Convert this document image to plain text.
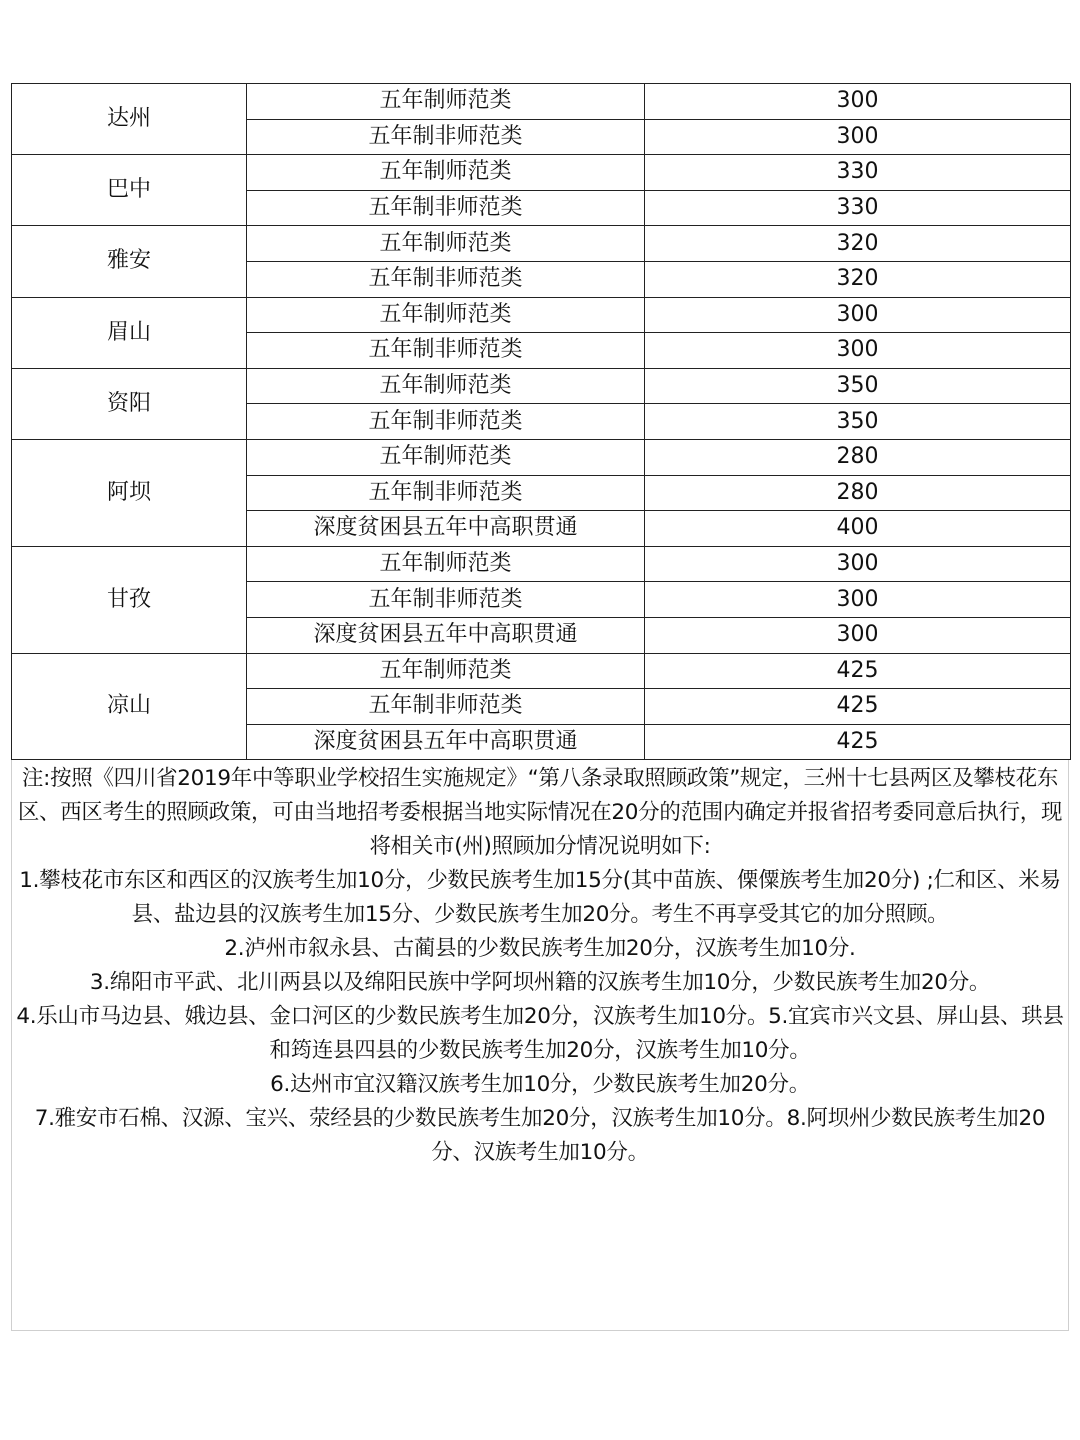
达州	五年制师范类	300
	五年制非师范类	300
巴中	五年制师范类	330
	五年制非师范类	330
雅安	五年制师范类	320
	五年制非师范类	320
眉山	五年制师范类	300
	五年制非师范类	300
资阳	五年制师范类	350
	五年制非师范类	350
阿坝	五年制师范类	280
	五年制非师范类	280
	深度贫困县五年中高职贯通	400
甘孜	五年制师范类	300
	五年制非师范类	300
	深度贫困县五年中高职贯通	300
凉山	五年制师范类	425
	五年制非师范类	425
	深度贫困县五年中高职贯通	425

注:按照《四川省2019年中等职业学校招生实施规定》“第八条录取照顾政策”规定，三州十七县两区及攀枝花东区、西区考生的照顾政策，可由当地招考委根据当地实际情况在20分的范围内确定并报省招考委同意后执行，现将相关市(州)照顾加分情况说明如下:

1.攀枝花市东区和西区的汉族考生加10分，少数民族考生加15分(其中苗族、傈僳族考生加20分) ;仁和区、米易县、盐边县的汉族考生加15分、少数民族考生加20分。考生不再享受其它的加分照顾。

2.泸州市叙永县、古蔺县的少数民族考生加20分，汉族考生加10分.

3.绵阳市平武、北川两县以及绵阳民族中学阿坝州籍的汉族考生加10分，少数民族考生加20分。

4.乐山市马边县、娥边县、金口河区的少数民族考生加20分，汉族考生加10分。5.宜宾市兴文县、屏山县、珙县和筠连县四县的少数民族考生加20分，汉族考生加10分。

6.达州市宜汉籍汉族考生加10分，少数民族考生加20分。

7.雅安市石棉、汉源、宝兴、荥经县的少数民族考生加20分，汉族考生加10分。8.阿坝州少数民族考生加20分、汉族考生加10分。
